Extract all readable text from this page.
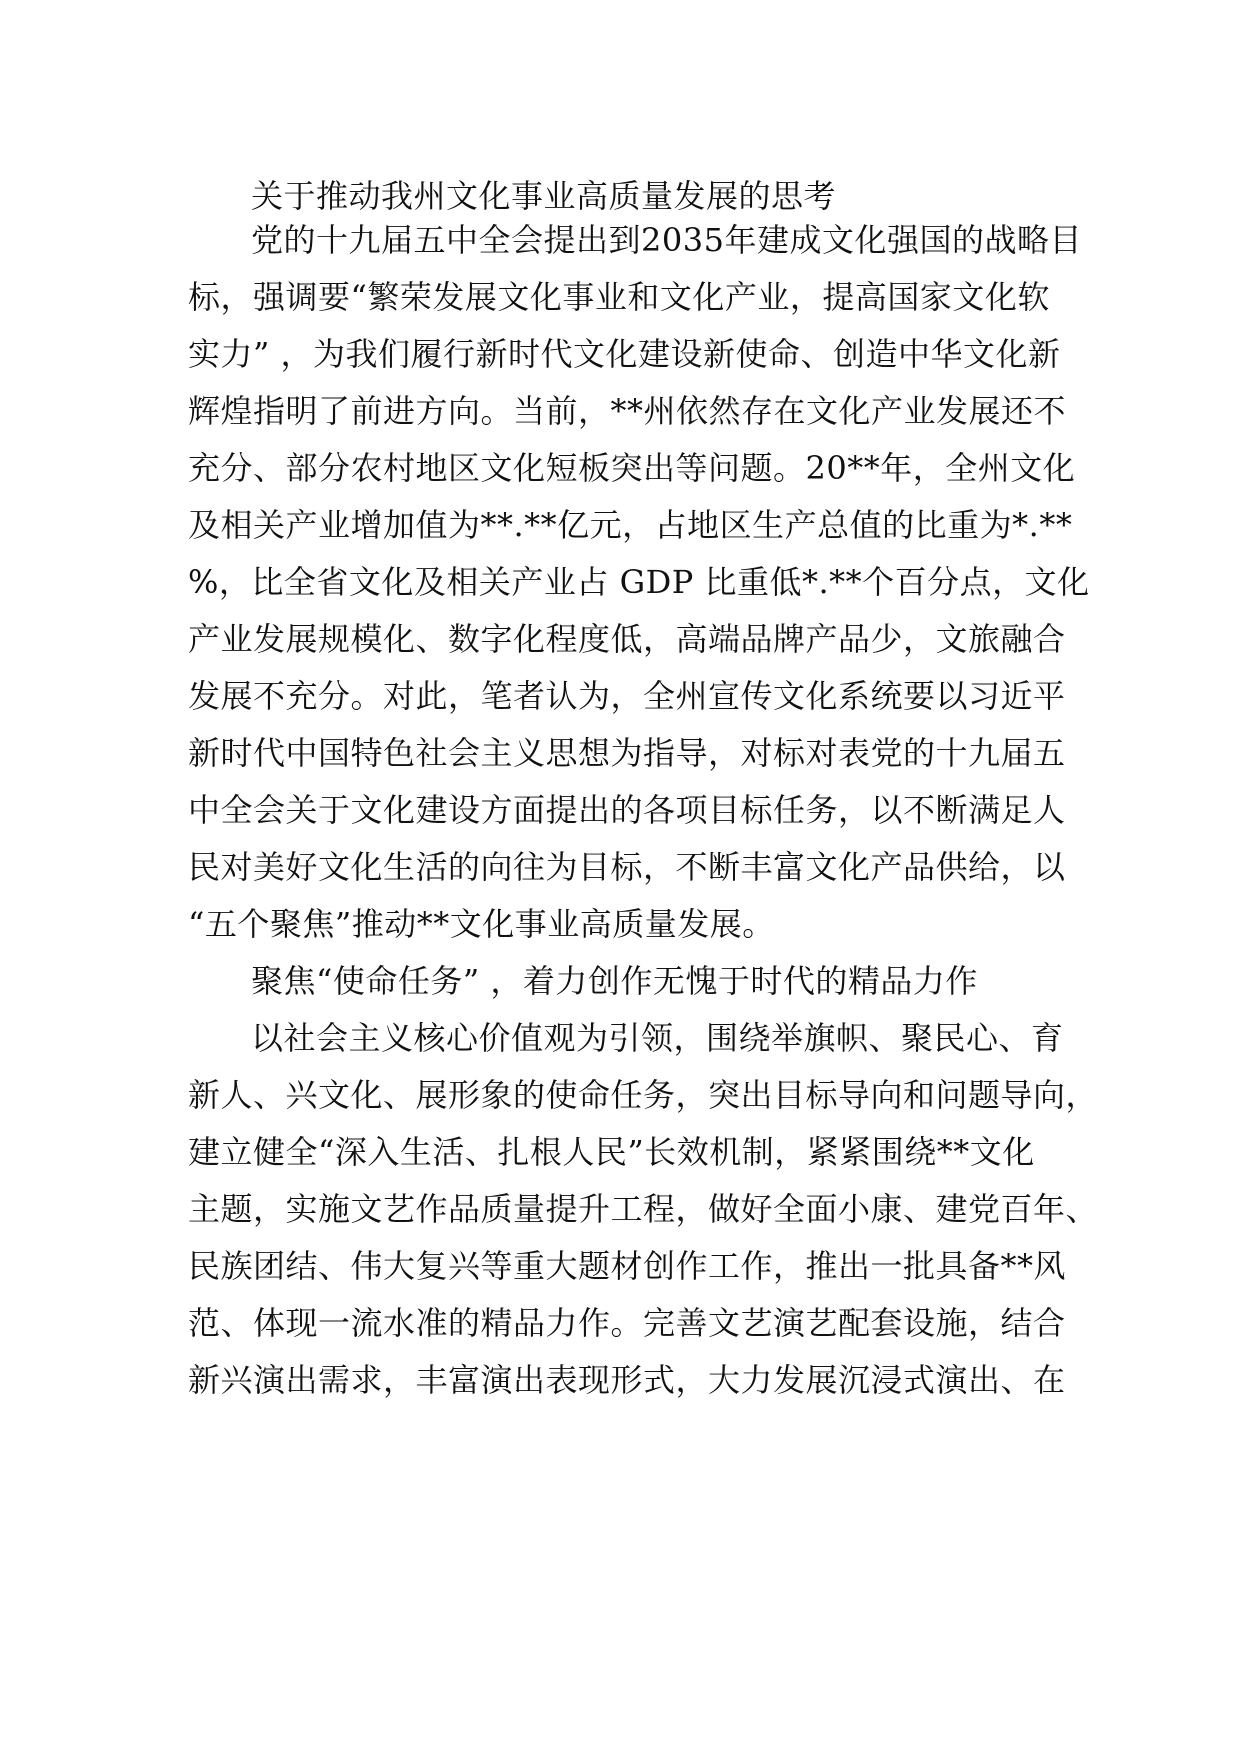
关于推动我州文化事业高质量发展的思考
党的十九届五中全会提出到2035年建成文化强国的战略目
标，强调要“繁荣发展文化事业和文化产业，提高国家文化软
实力” ，为我们履行新时代文化建设新使命、创造中华文化新
辉煌指明了前进方向。当前，**州依然存在文化产业发展还不
充分、部分农村地区文化短板突出等问题。20**年，全州文化
及相关产业增加值为**.**亿元，占地区生产总值的比重为*.**
%，比全省文化及相关产业占 GDP 比重低*.**个百分点，文化
产业发展规模化、数字化程度低，高端品牌产品少，文旅融合
发展不充分。对此，笔者认为，全州宣传文化系统要以习近平
新时代中国特色社会主义思想为指导，对标对表党的十九届五
中全会关于文化建设方面提出的各项目标任务，以不断满足人
民对美好文化生活的向往为目标，不断丰富文化产品供给，以
“五个聚焦”推动**文化事业高质量发展。
聚焦“使命任务” ，着力创作无愧于时代的精品力作
以社会主义核心价值观为引领，围绕举旗帜、聚民心、育
新人、兴文化、展形象的使命任务，突出目标导向和问题导向，
建立健全“深入生活、扎根人民”长效机制，紧紧围绕**文化
主题，实施文艺作品质量提升工程，做好全面小康、建党百年、
民族团结、伟大复兴等重大题材创作工作，推出一批具备**风
范、体现一流水准的精品力作。完善文艺演艺配套设施，结合
新兴演出需求，丰富演出表现形式，大力发展沉浸式演出、在
